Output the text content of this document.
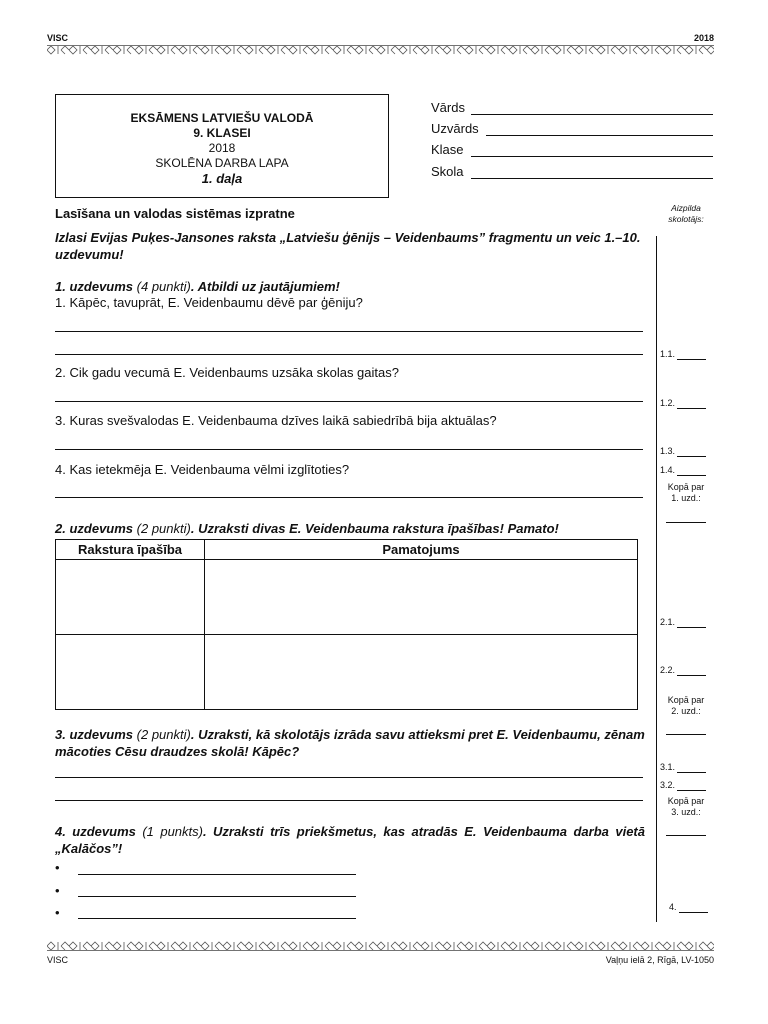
VISC	2018
EKSĀMENS LATVIEŠU VALODĀ
9. KLASEI
2018
SKOLĒNA DARBA LAPA
1. daļa
Vārds
Uzvārds
Klase
Skola
Aizpilda skolotājs:
1.1.
1.2.
1.3.
1.4.
Kopā par
1. uzd.:
2.1.
2.2.
Kopā par
2. uzd.:
3.1.
3.2.
Kopā par
3. uzd.:
4.
Lasīšana un valodas sistēmas izpratne
Izlasi Evijas Puķes-Jansones raksta „Latviešu ģēnijs – Veidenbaums” fragmentu un veic 1.–10. uzdevumu!
1. uzdevums (4 punkti). Atbildi uz jautājumiem!
1. Kāpēc, tavuprāt, E. Veidenbaumu dēvē par ģēniju?
2. Cik gadu vecumā E. Veidenbaums uzsāka skolas gaitas?
3. Kuras svešvalodas E. Veidenbauma dzīves laikā sabiedrībā bija aktuālas?
4. Kas ietekmēja E. Veidenbauma vēlmi izglītoties?
2. uzdevums (2 punkti). Uzraksti divas E. Veidenbauma rakstura īpašības! Pamato!
Rakstura īpašība	Pamatojums

3. uzdevums (2 punkti). Uzraksti, kā skolotājs izrāda savu attieksmi pret E. Veidenbaumu, zēnam mācoties Cēsu draudzes skolā! Kāpēc?
4. uzdevums (1 punkts). Uzraksti trīs priekšmetus, kas atradās E. Veidenbauma darba vietā „Kalāčos”!
•
•
•
VISC	Vaļņu ielā 2, Rīgā, LV-1050
